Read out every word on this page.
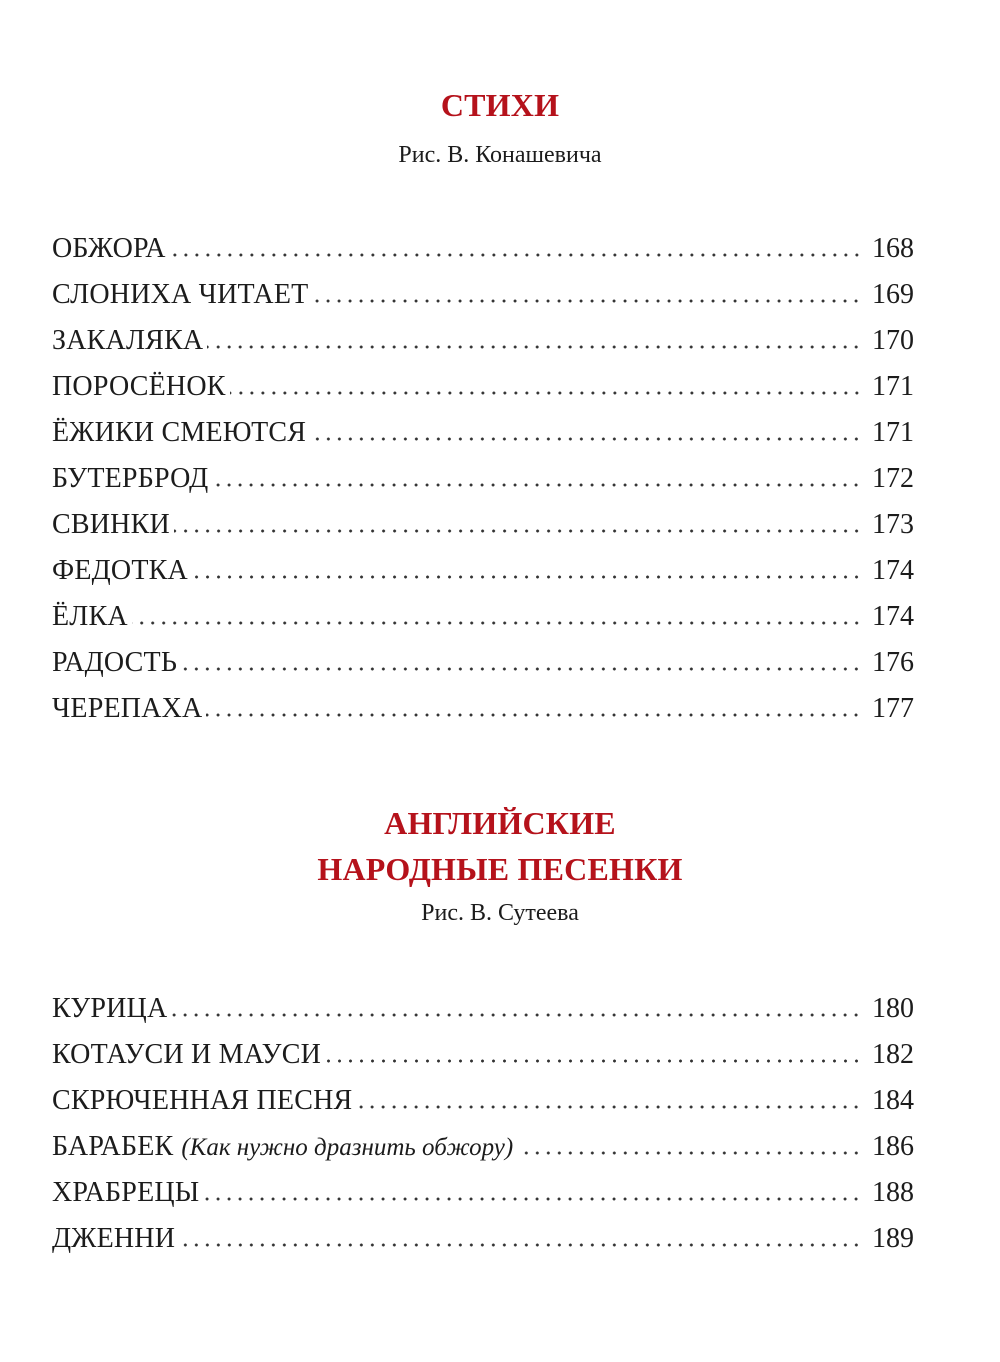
СТИХИ

Рис. В. Конашевича

ОБЖОРА	168
СЛОНИХА ЧИТАЕТ	169
ЗАКАЛЯКА	170
ПОРОСЁНОК	171
ЁЖИКИ СМЕЮТСЯ	171
БУТЕРБРОД	172
СВИНКИ	173
ФЕДОТКА	174
ЁЛКА	174
РАДОСТЬ	176
ЧЕРЕПАХА	177
АНГЛИЙСКИЕ
НАРОДНЫЕ ПЕСЕНКИ

Рис. В. Сутеева

КУРИЦА	180
КОТАУСИ И МАУСИ	182
СКРЮЧЕННАЯ ПЕСНЯ	184
БАРАБЕК (Как нужно дразнить обжору)	186
ХРАБРЕЦЫ	188
ДЖЕННИ	189
